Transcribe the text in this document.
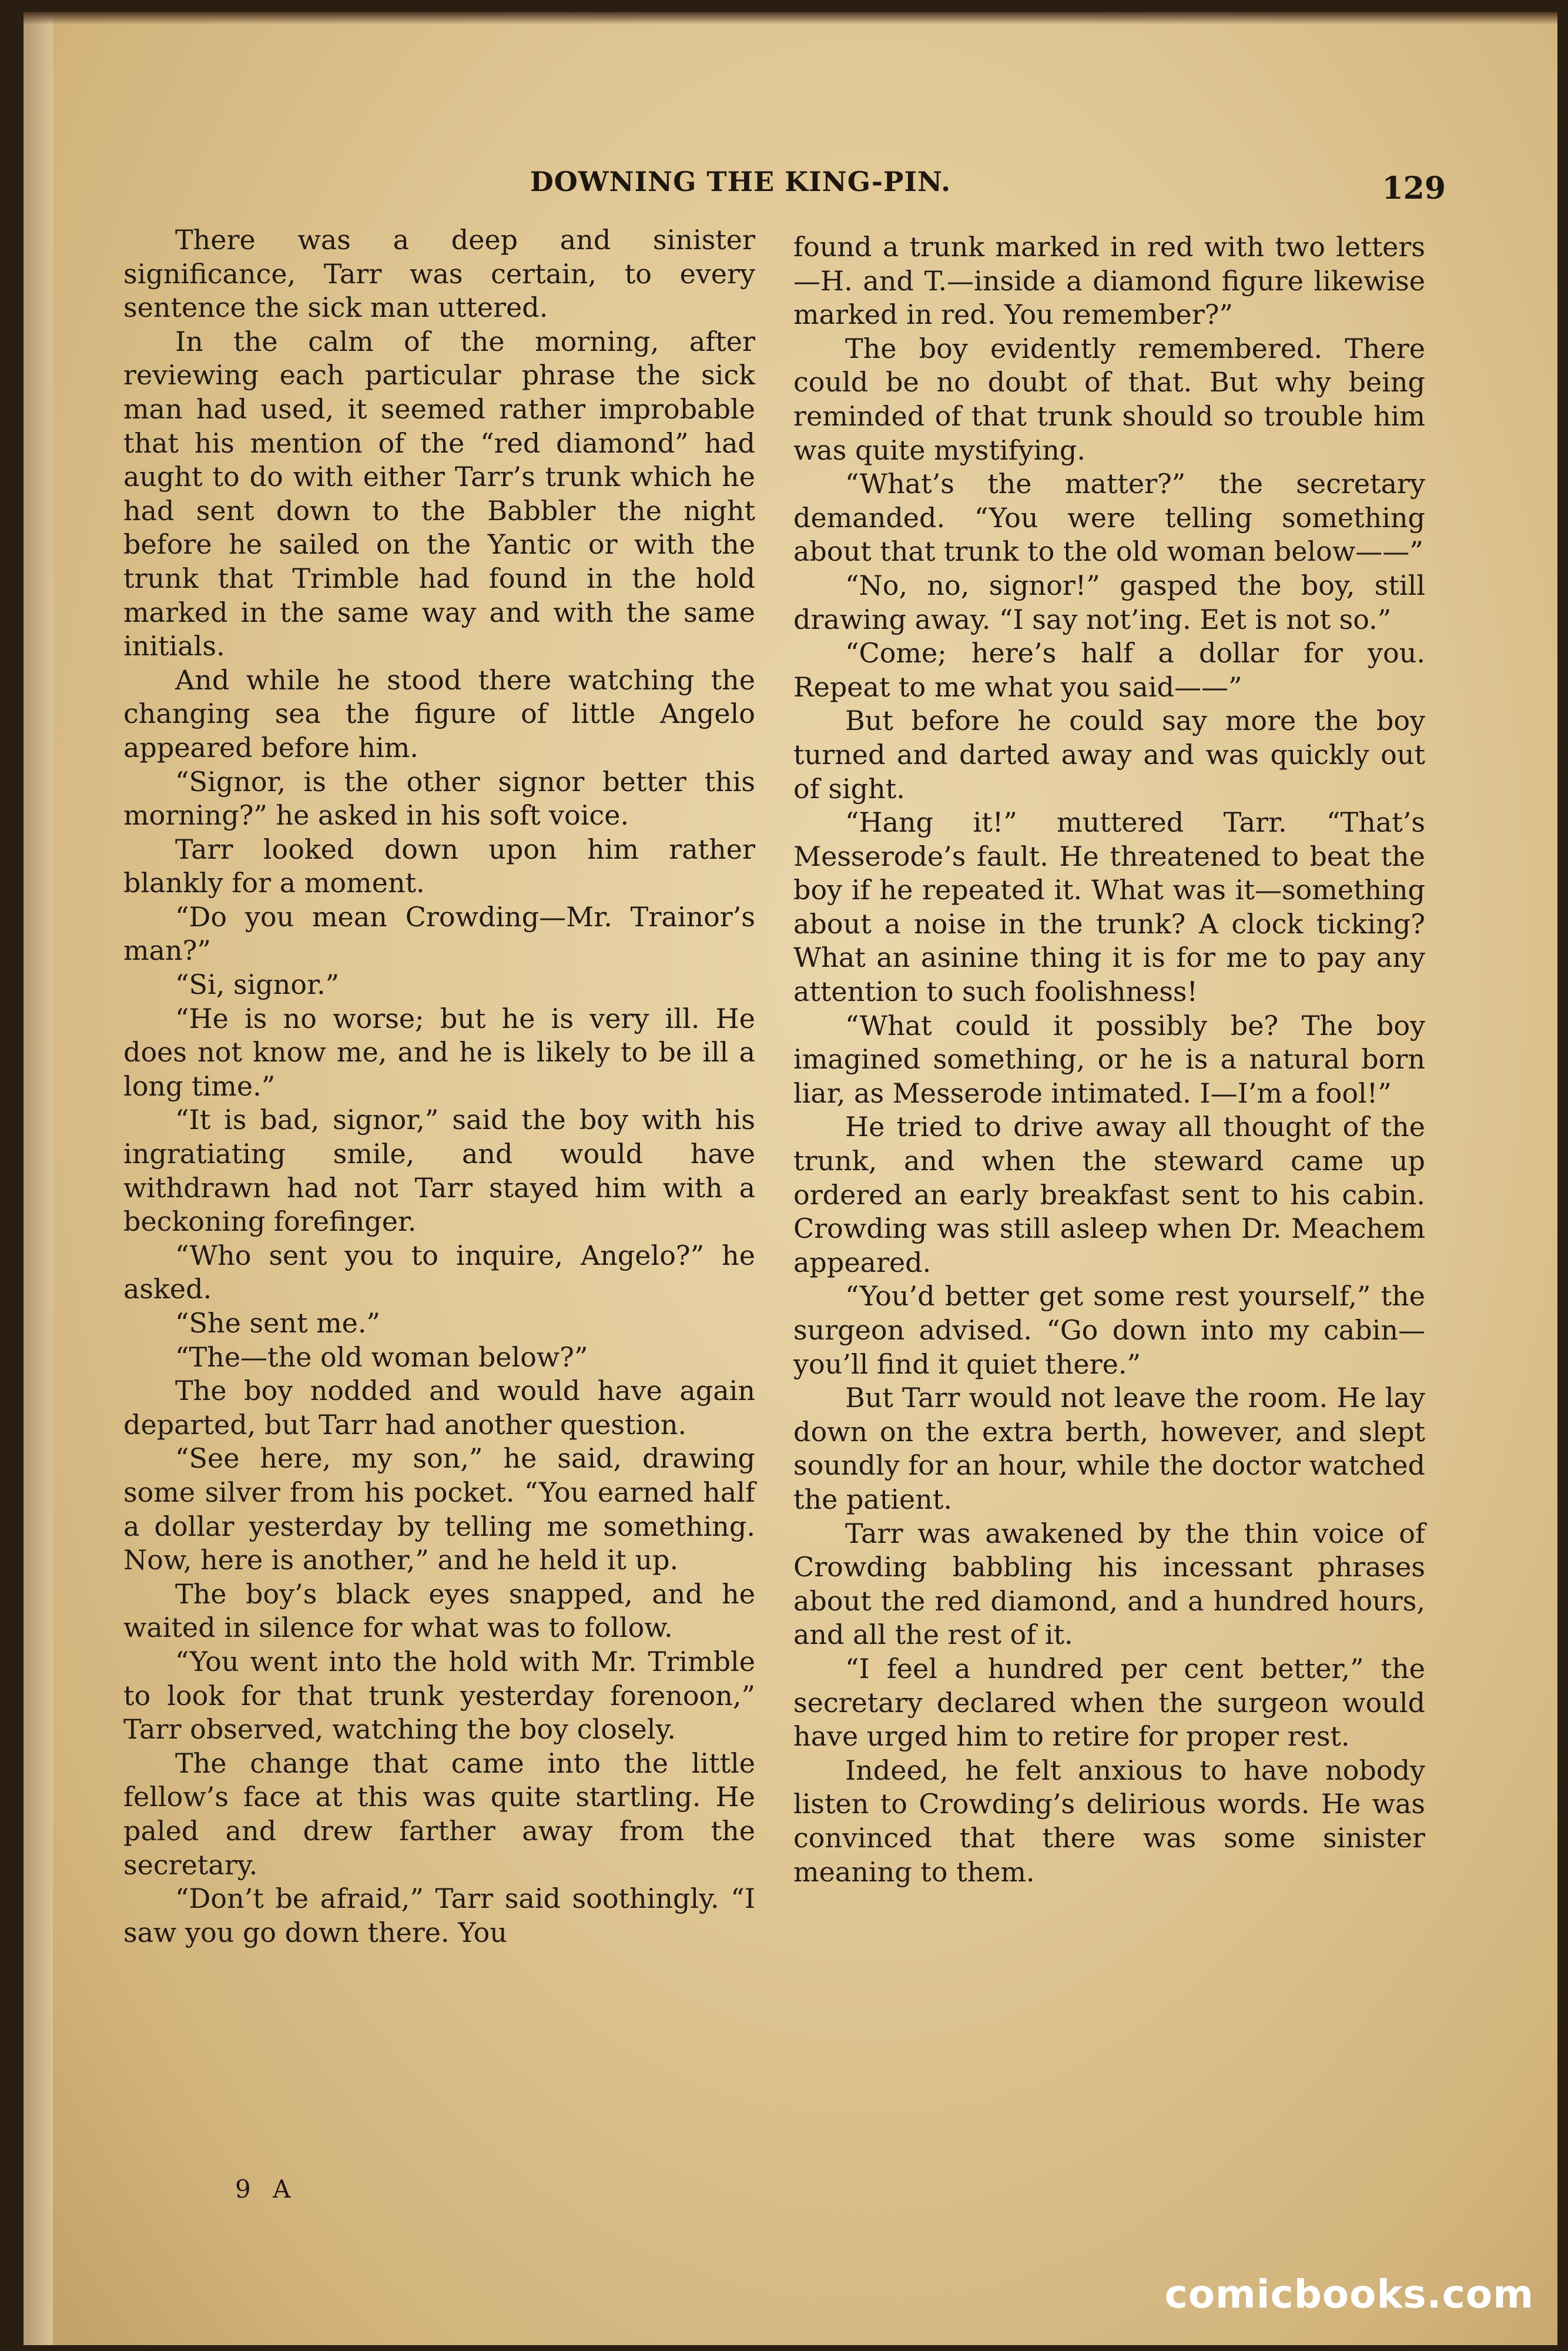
DOWNING THE KING-PIN.	129

There was a deep and sinister significance, Tarr was certain, to every sentence the sick man uttered.

In the calm of the morning, after reviewing each particular phrase the sick man had used, it seemed rather improbable that his mention of the “red diamond” had aught to do with either Tarr’s trunk which he had sent down to the Babbler the night before he sailed on the Yantic or with the trunk that Trimble had found in the hold marked in the same way and with the same initials.

And while he stood there watching the changing sea the figure of little Angelo appeared before him.

“Signor, is the other signor better this morning?” he asked in his soft voice.

Tarr looked down upon him rather blankly for a moment.

“Do you mean Crowding—Mr. Trainor’s man?”

“Si, signor.”

“He is no worse; but he is very ill. He does not know me, and he is likely to be ill a long time.”

“It is bad, signor,” said the boy with his ingratiating smile, and would have withdrawn had not Tarr stayed him with a beckoning forefinger.

“Who sent you to inquire, Angelo?” he asked.

“She sent me.”

“The—the old woman below?”

The boy nodded and would have again departed, but Tarr had another question.

“See here, my son,” he said, drawing some silver from his pocket. “You earned half a dollar yesterday by telling me something. Now, here is another,” and he held it up.

The boy’s black eyes snapped, and he waited in silence for what was to follow.

“You went into the hold with Mr. Trimble to look for that trunk yesterday forenoon,” Tarr observed, watching the boy closely.

The change that came into the little fellow’s face at this was quite startling. He paled and drew farther away from the secretary.

“Don’t be afraid,” Tarr said soothingly. “I saw you go down there. You

found a trunk marked in red with two letters—H. and T.—inside a diamond figure likewise marked in red. You remember?”

The boy evidently remembered. There could be no doubt of that. But why being reminded of that trunk should so trouble him was quite mystifying.

“What’s the matter?” the secretary demanded. “You were telling something about that trunk to the old woman below——”

“No, no, signor!” gasped the boy, still drawing away. “I say not’ing. Eet is not so.”

“Come; here’s half a dollar for you. Repeat to me what you said——”

But before he could say more the boy turned and darted away and was quickly out of sight.

“Hang it!” muttered Tarr. “That’s Messerode’s fault. He threatened to beat the boy if he repeated it. What was it—something about a noise in the trunk? A clock ticking? What an asinine thing it is for me to pay any attention to such foolishness!

“What could it possibly be? The boy imagined something, or he is a natural born liar, as Messerode intimated. I—I’m a fool!”

He tried to drive away all thought of the trunk, and when the steward came up ordered an early breakfast sent to his cabin. Crowding was still asleep when Dr. Meachem appeared.

“You’d better get some rest yourself,” the surgeon advised. “Go down into my cabin—you’ll find it quiet there.”

But Tarr would not leave the room. He lay down on the extra berth, however, and slept soundly for an hour, while the doctor watched the patient.

Tarr was awakened by the thin voice of Crowding babbling his incessant phrases about the red diamond, and a hundred hours, and all the rest of it.

“I feel a hundred per cent better,” the secretary declared when the surgeon would have urged him to retire for proper rest.

Indeed, he felt anxious to have nobody listen to Crowding’s delirious words. He was convinced that there was some sinister meaning to them.

9 A
comicbooks.com
